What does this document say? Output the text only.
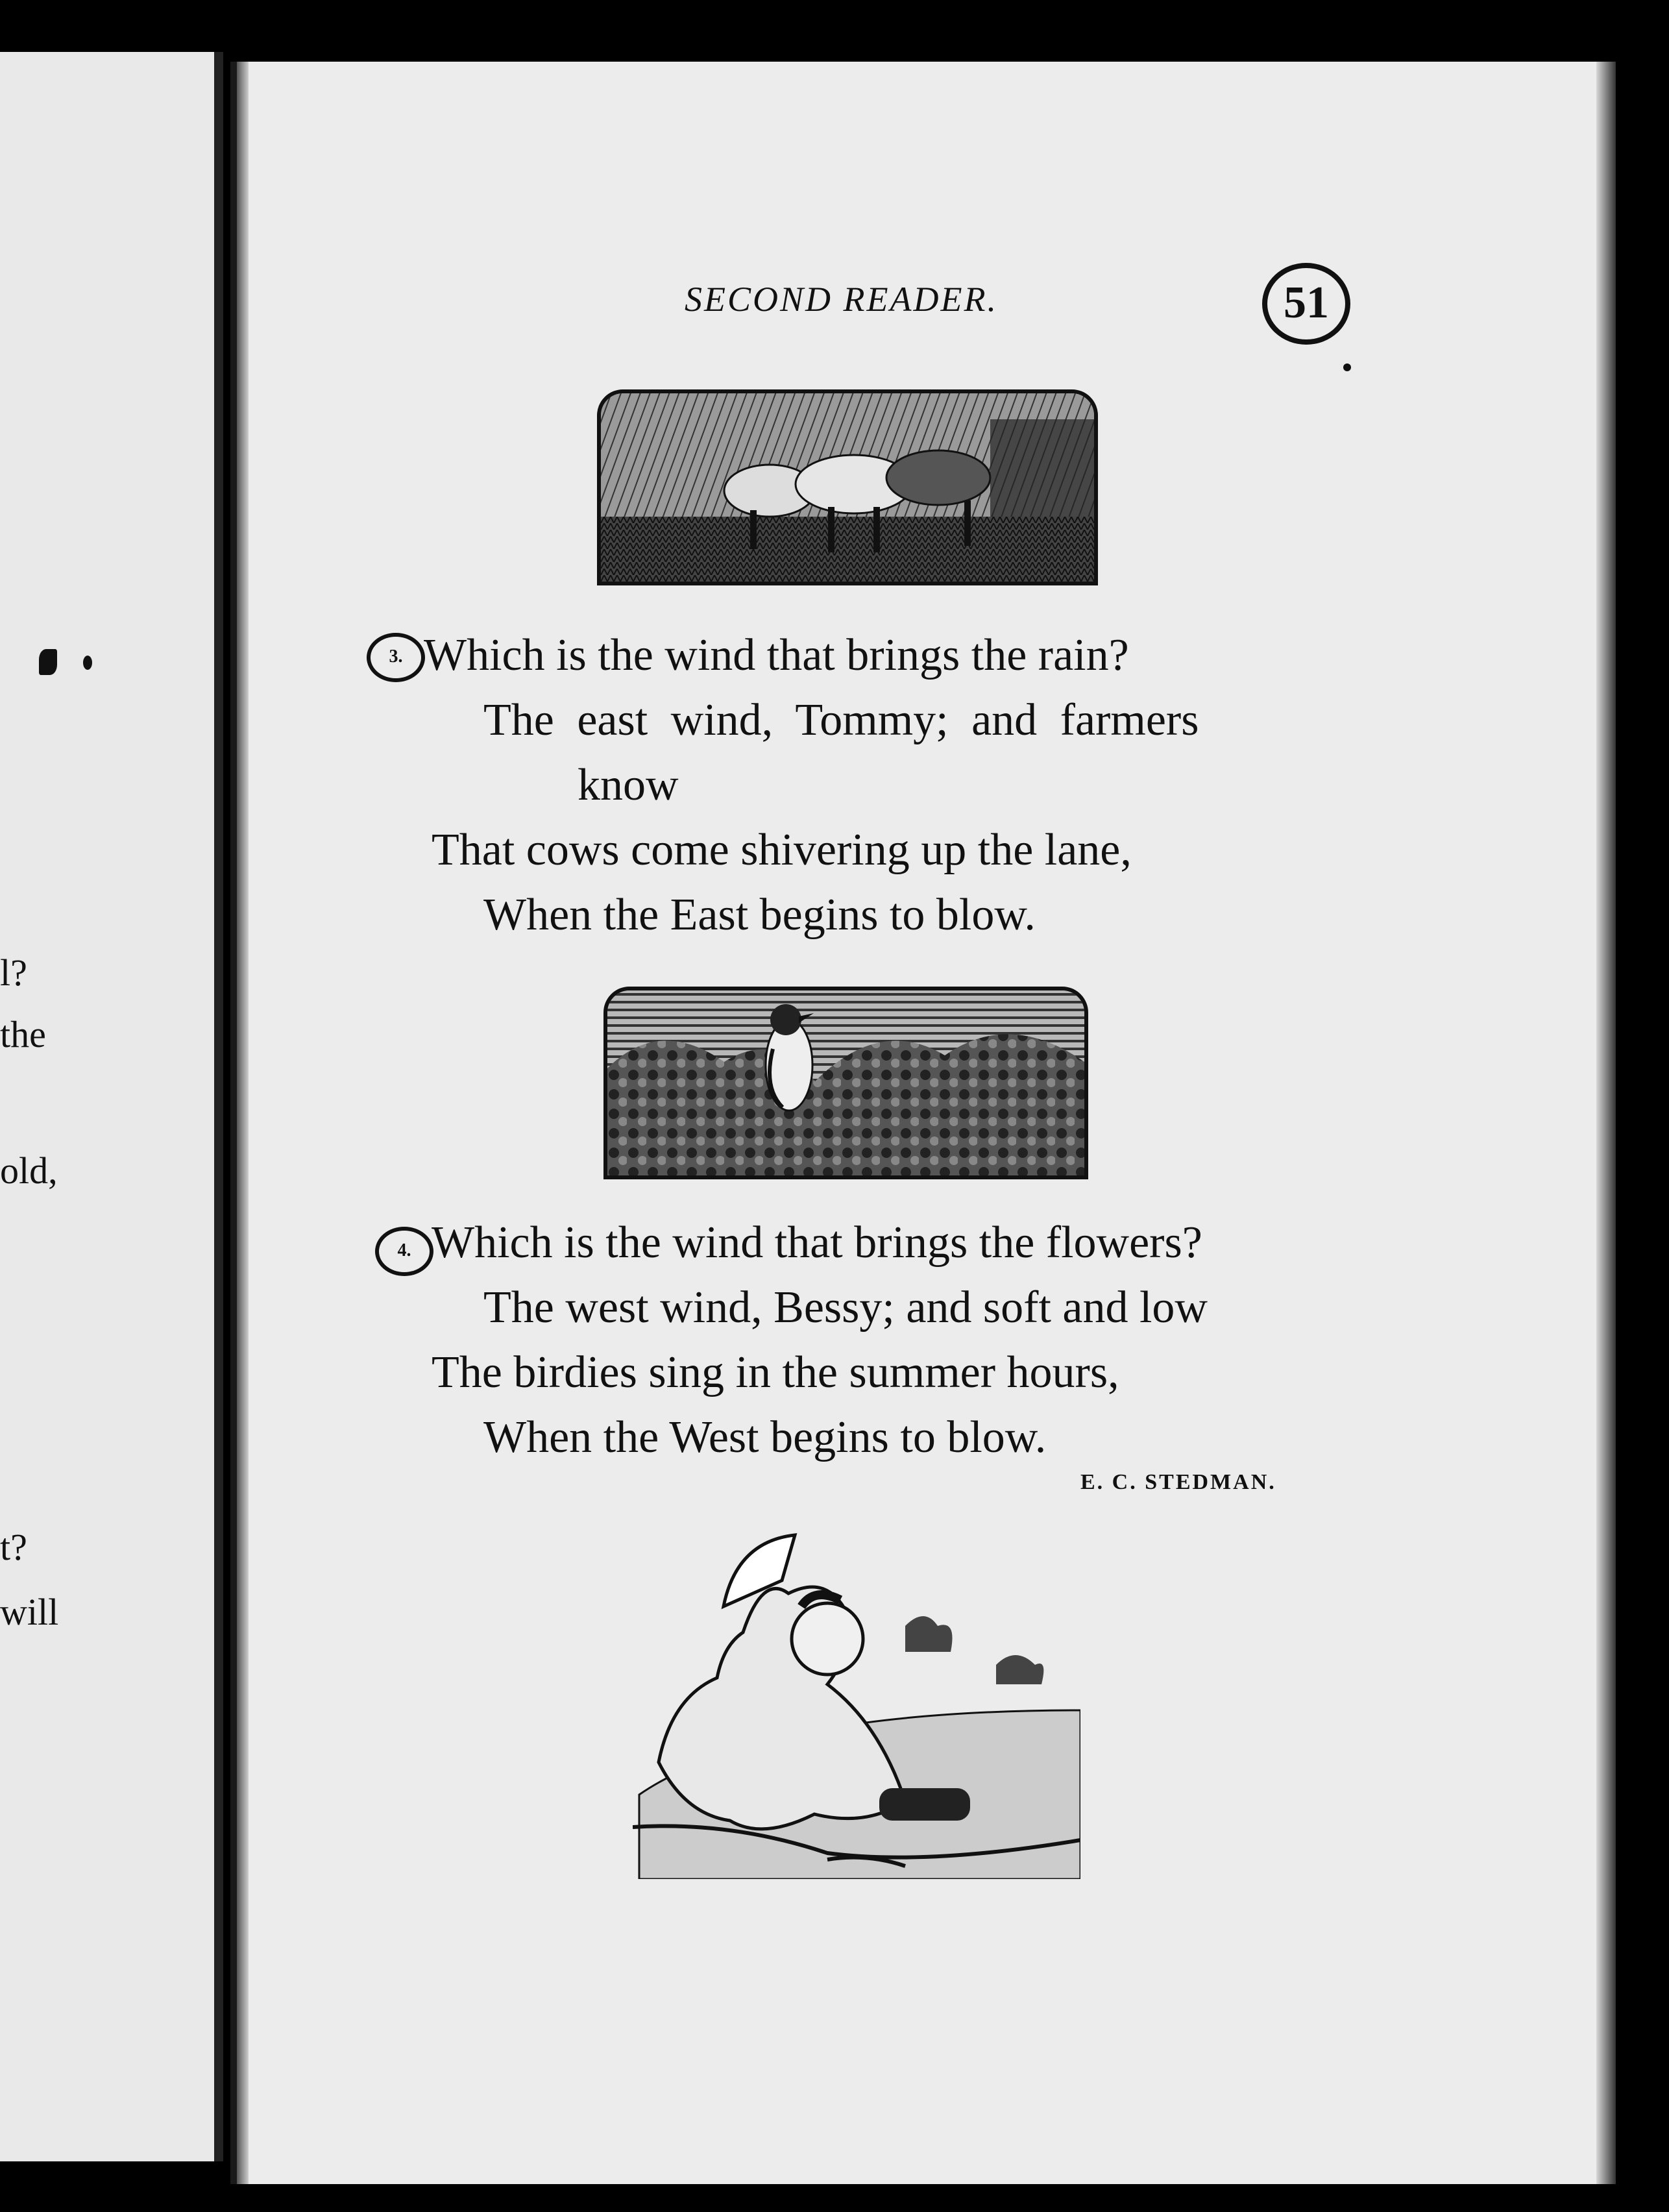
l?
the
old,
t?
will
SECOND READER.	51
3. Which is the wind that brings the rain?
The east wind, Tommy; and farmers
know
That cows come shivering up the lane,
When the East begins to blow.
4. Which is the wind that brings the flowers?
The west wind, Bessy; and soft and low
The birdies sing in the summer hours,
When the West begins to blow.
E. C. STEDMAN.
